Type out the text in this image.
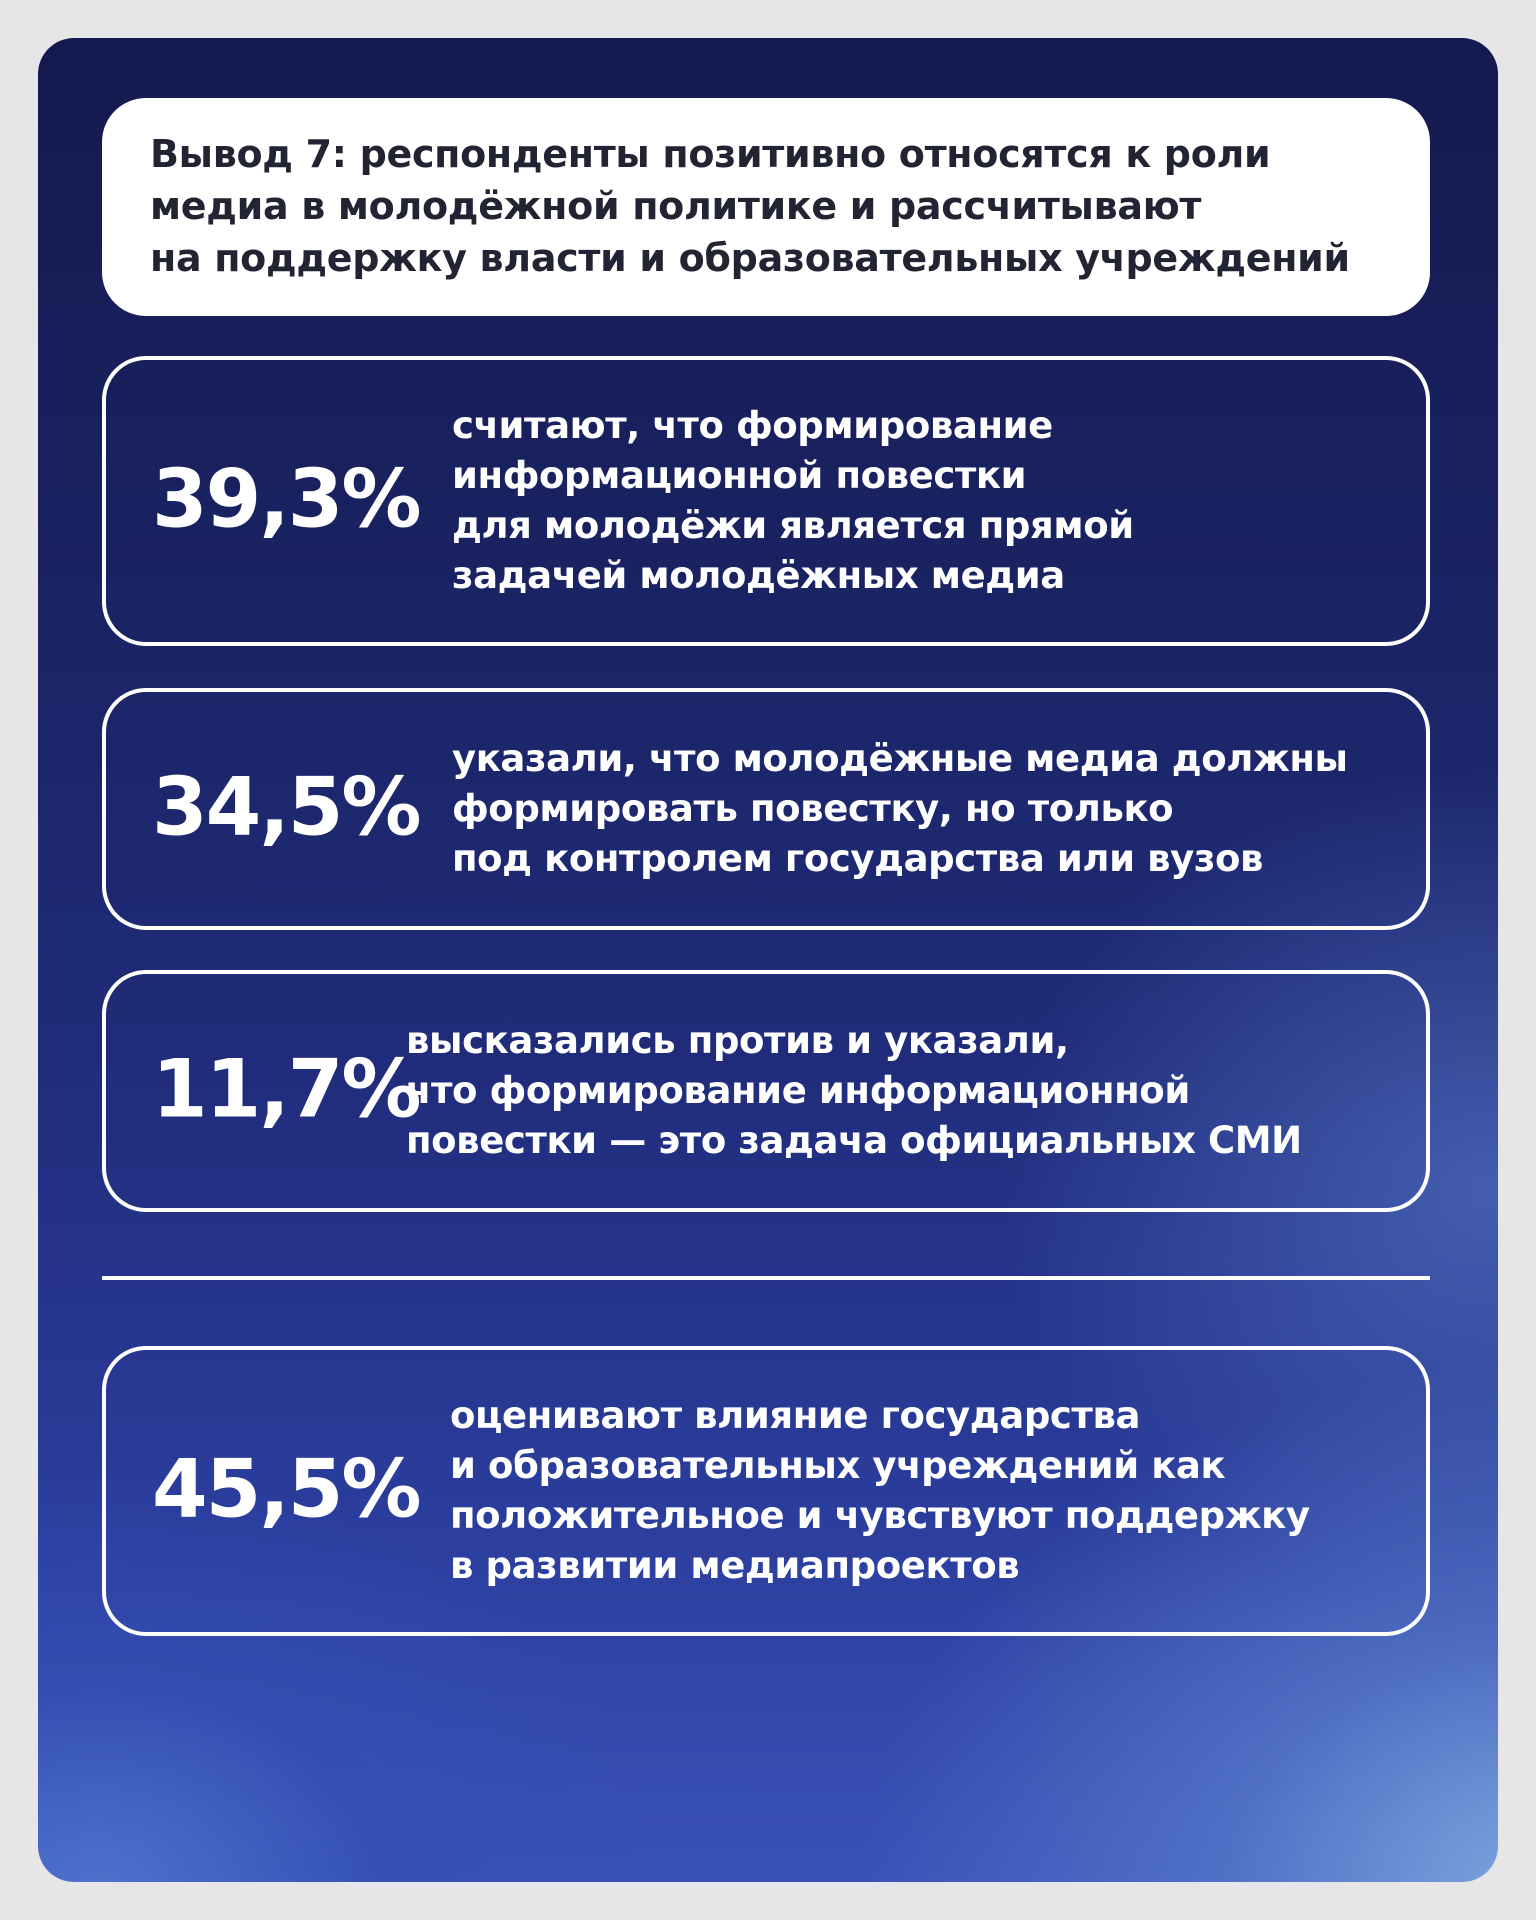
Вывод 7: респонденты позитивно относятся к роли
медиа в молодёжной политике и рассчитывают
на поддержку власти и образовательных учреждений

39,3%

считают, что формирование
информационной повестки
для молодёжи является прямой
задачей молодёжных медиа

34,5%

указали, что молодёжные медиа должны
формировать повестку, но только
под контролем государства или вузов

11,7%

высказались против и указали,
что формирование информационной
повестки — это задача официальных СМИ

45,5%

оценивают влияние государства
и образовательных учреждений как
положительное и чувствуют поддержку
в развитии медиапроектов
